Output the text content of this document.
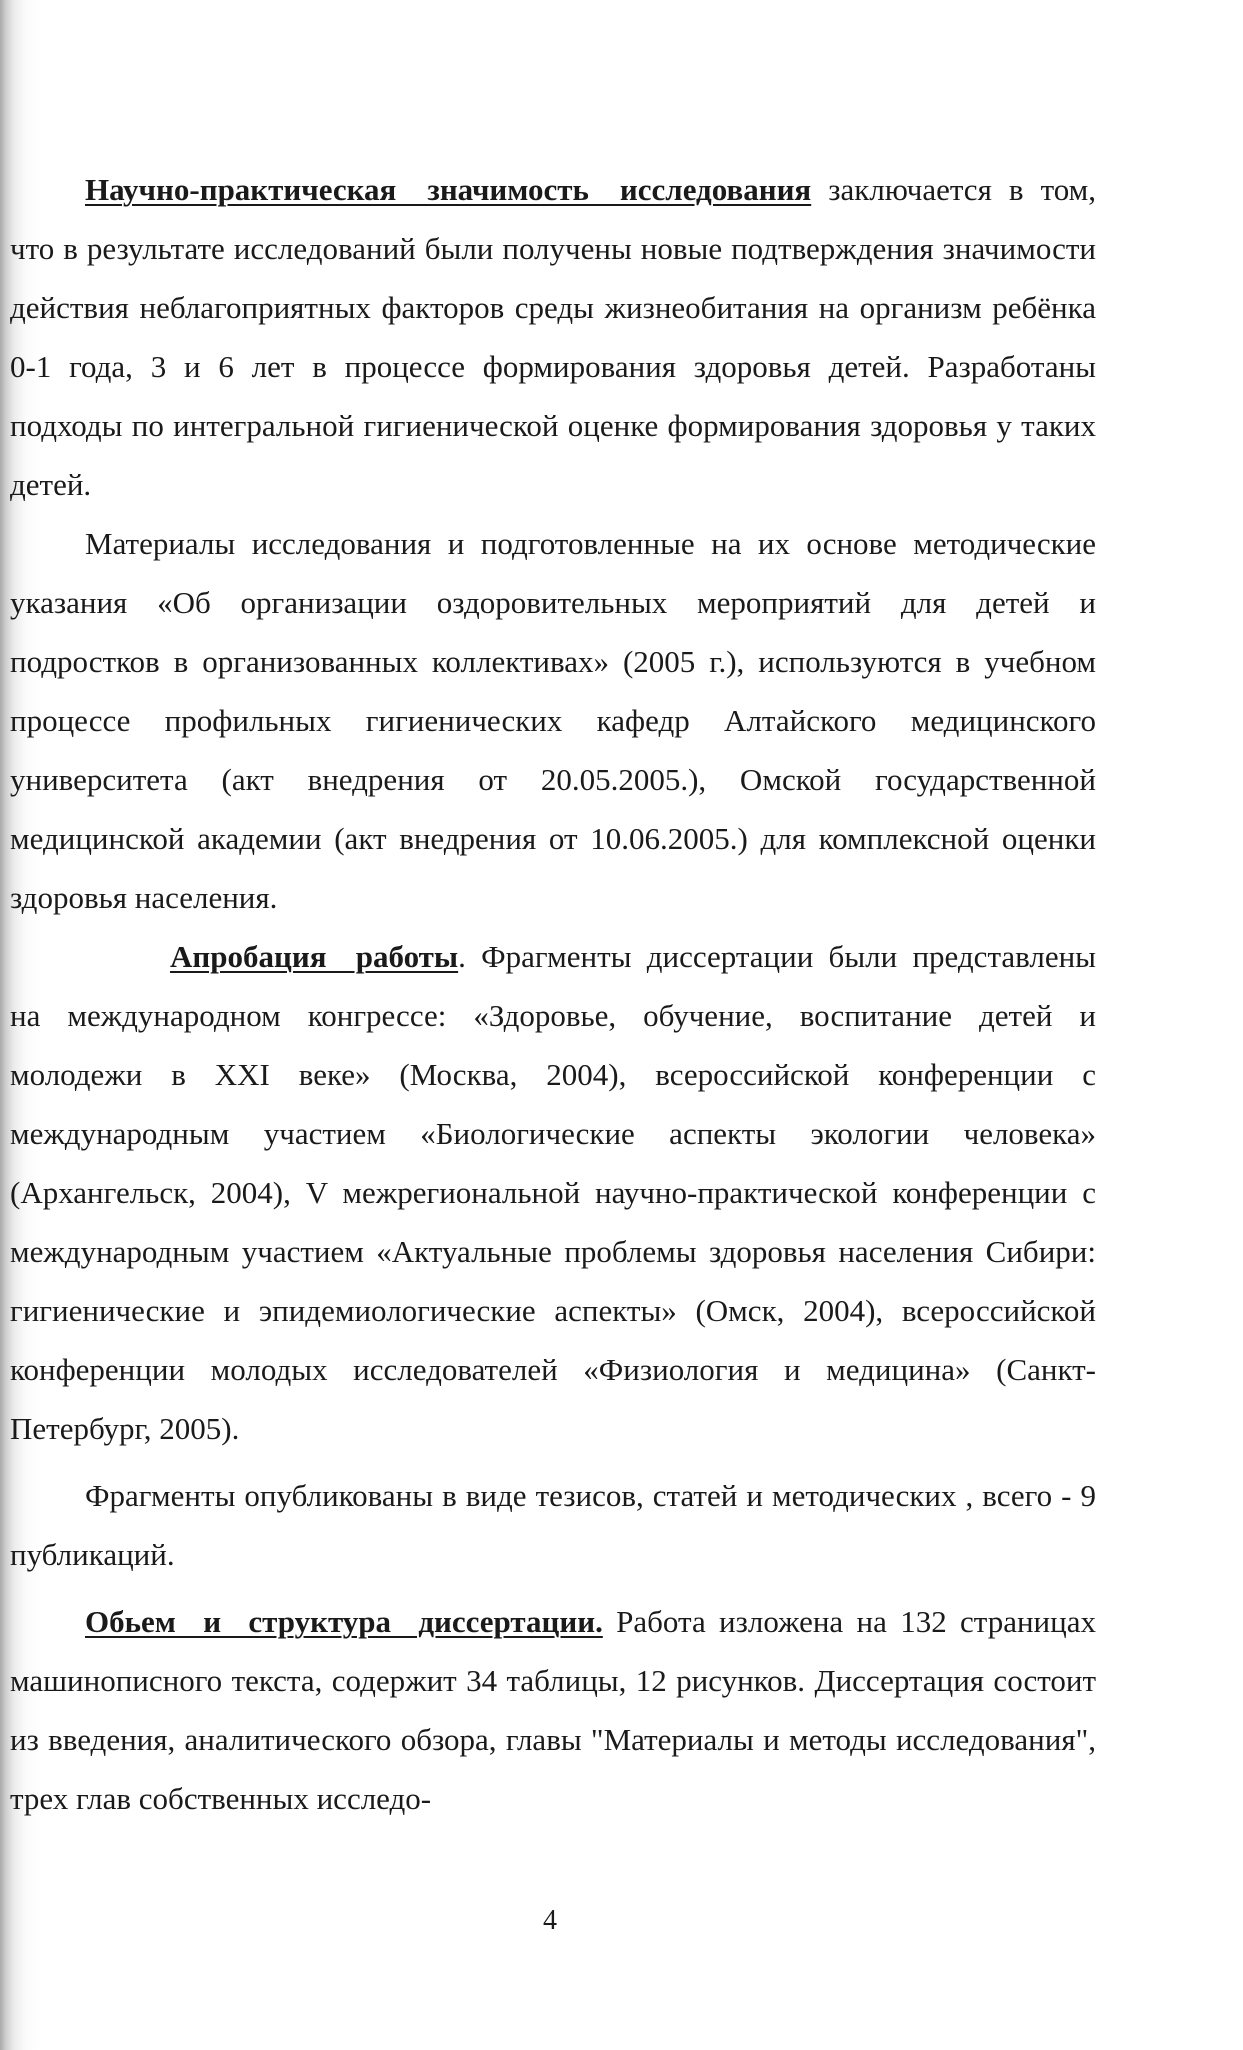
Научно-практическая значимость исследования заключается в том, что в результате исследований были получены новые подтверждения значимости действия неблагоприятных факторов среды жизнеобитания на организм ребёнка 0-1 года, 3 и 6 лет в процессе формирования здоровья детей. Разработаны подходы по интегральной гигиенической оценке формирования здоровья у таких детей.

Материалы исследования и подготовленные на их основе методические указания «Об организации оздоровительных мероприятий для детей и подростков в организованных коллективах» (2005 г.), используются в учебном процессе профильных гигиенических кафедр Алтайского медицинского университета (акт внедрения от 20.05.2005.), Омской государственной медицинской академии (акт внедрения от 10.06.2005.) для комплексной оценки здоровья населения.

Апробация работы. Фрагменты диссертации были представлены на международном конгрессе: «Здоровье, обучение, воспитание детей и молодежи в XXI веке» (Москва, 2004), всероссийской конференции с международным участием «Биологические аспекты экологии человека» (Архангельск, 2004), V межрегиональной научно-практической конференции с международным участием «Актуальные проблемы здоровья населения Сибири: гигиенические и эпидемиологические аспекты» (Омск, 2004), всероссийской конференции молодых исследователей «Физиология и медицина» (Санкт-Петербург, 2005).

Фрагменты опубликованы в виде тезисов, статей и методических , всего - 9 публикаций.

Обьем и структура диссертации. Работа изложена на 132 страницах машинописного текста, содержит 34 таблицы, 12 рисунков. Диссертация состоит из введения, аналитического обзора, главы "Материалы и методы исследования", трех глав собственных исследо-

4
